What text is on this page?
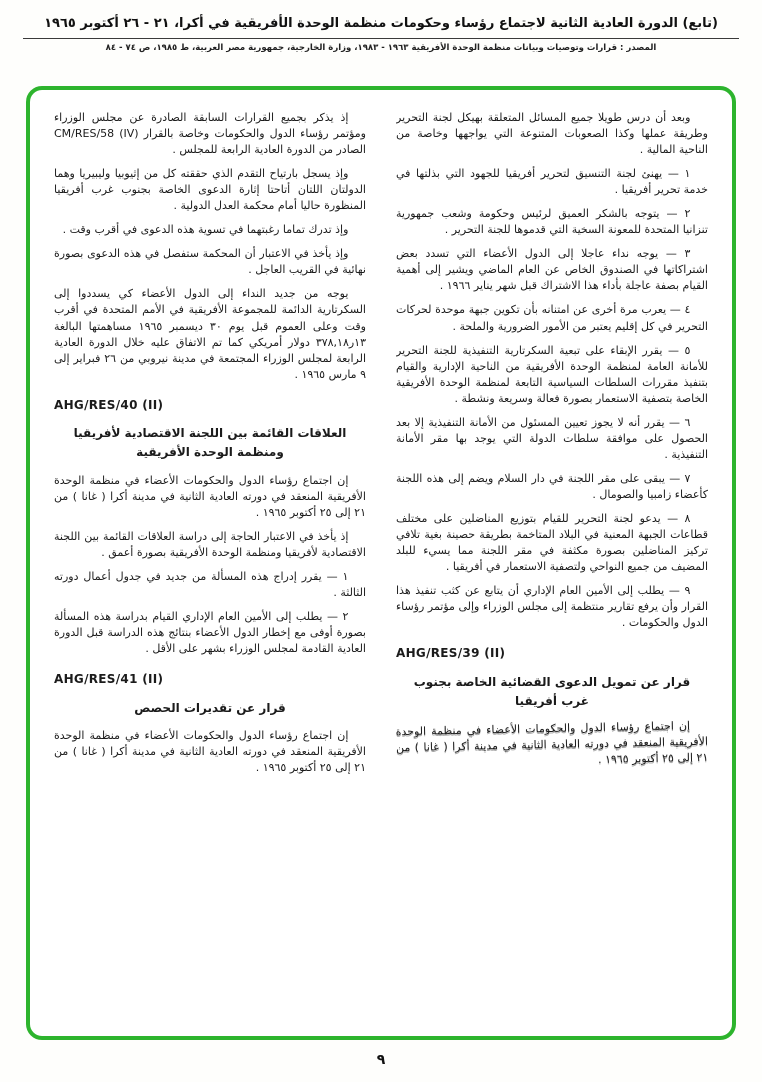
(تابع) الدورة العادية الثانية لاجتماع رؤساء وحكومات منظمة الوحدة الأفريقية في أكرا، ٢١ - ٢٦ أكتوبر ١٩٦٥
المصدر : قرارات وتوصيات وبيانات منظمة الوحدة الأفريقية ١٩٦٣ - ١٩٨٣، وزارة الخارجية، جمهورية مصر العربية، ط ١٩٨٥، ص ٧٤ - ٨٤
وبعد أن درس طويلا جميع المسائل المتعلقة بهيكل لجنة التحرير وطريقة عملها وكذا الصعوبات المتنوعة التي يواجهها وخاصة من الناحية المالية .
١ — يهنئ لجنة التنسيق لتحرير أفريقيا للجهود التي بذلتها في خدمة تحرير أفريقيا .
٢ — يتوجه بالشكر العميق لرئيس وحكومة وشعب جمهورية تنزانيا المتحدة للمعونة السخية التي قدموها للجنة التحرير .
٣ — يوجه نداء عاجلا إلى الدول الأعضاء التي تسدد بعض اشتراكاتها في الصندوق الخاص عن العام الماضي ويشير إلى أهمية القيام بصفة عاجلة بأداء هذا الاشتراك قبل شهر يناير ١٩٦٦ .
٤ — يعرب مرة أخرى عن امتنانه بأن تكوين جبهة موحدة لحركات التحرير في كل إقليم يعتبر من الأمور الضرورية والملحة .
٥ — يقرر الإبقاء على تبعية السكرتارية التنفيذية للجنة التحرير للأمانة العامة لمنظمة الوحدة الأفريقية من الناحية الإدارية والقيام بتنفيذ مقررات السلطات السياسية التابعة لمنظمة الوحدة الأفريقية الخاصة بتصفية الاستعمار بصورة فعالة وسريعة ونشطة .
٦ — يقرر أنه لا يجوز تعيين المسئول من الأمانة التنفيذية إلا بعد الحصول على موافقة سلطات الدولة التي يوجد بها مقر الأمانة التنفيذية .
٧ — يبقى على مقر اللجنة في دار السلام ويضم إلى هذه اللجنة كأعضاء زامبيا والصومال .
٨ — يدعو لجنة التحرير للقيام بتوزيع المناضلين على مختلف قطاعات الجبهة المعنية في البلاد المتاخمة بطريقة حصينة بغية تلافي تركيز المناضلين بصورة مكثفة في مقر اللجنة مما يسيء للبلد المضيف من جميع النواحي ولتصفية الاستعمار في أفريقيا .
٩ — يطلب إلى الأمين العام الإداري أن يتابع عن كثب تنفيذ هذا القرار وأن يرفع تقارير منتظمة إلى مجلس الوزراء وإلى مؤتمر رؤساء الدول والحكومات .
AHG/RES/39 (II)
قرار عن تمويل الدعوى القضائية الخاصة بجنوب غرب أفريقيا
إن اجتماع رؤساء الدول والحكومات الأعضاء في منظمة الوحدة الأفريقية المنعقد في دورته العادية الثانية في مدينة أكرا ( غانا ) من ٢١ إلى ٢٥ أكتوبر ١٩٦٥ .
إذ يذكر بجميع القرارات السابقة الصادرة عن مجلس الوزراء ومؤتمر رؤساء الدول والحكومات وخاصة بالقرار CM/RES/58 (IV) الصادر من الدورة العادية الرابعة للمجلس .
وإذ يسجل بارتياح التقدم الذي حققته كل من إثيوبيا وليبيريا وهما الدولتان اللتان أتاحتا إثارة الدعوى الخاصة بجنوب غرب أفريقيا المنظورة حاليا أمام محكمة العدل الدولية .
وإذ تدرك تماما رغبتهما في تسوية هذه الدعوى في أقرب وقت .
وإذ يأخذ في الاعتبار أن المحكمة ستفصل في هذه الدعوى بصورة نهائية في القريب العاجل .
يوجه من جديد النداء إلى الدول الأعضاء كي يسددوا إلى السكرتارية الدائمة للمجموعة الأفريقية في الأمم المتحدة في أقرب وقت وعلى العموم قبل يوم ٣٠ ديسمبر ١٩٦٥ مساهمتها البالغة ١٣ر٣٧٨,١٨ دولار أمريكي كما تم الاتفاق عليه خلال الدورة العادية الرابعة لمجلس الوزراء المجتمعة في مدينة نيروبي من ٢٦ فبراير إلى ٩ مارس ١٩٦٥ .
AHG/RES/40 (II)
العلاقات القائمة بين اللجنة الاقتصادية لأفريقيا ومنظمة الوحدة الأفريقية
إن اجتماع رؤساء الدول والحكومات الأعضاء في منظمة الوحدة الأفريقية المنعقد في دورته العادية الثانية في مدينة أكرا ( غانا ) من ٢١ إلى ٢٥ أكتوبر ١٩٦٥ .
إذ يأخذ في الاعتبار الحاجة إلى دراسة العلاقات القائمة بين اللجنة الاقتصادية لأفريقيا ومنظمة الوحدة الأفريقية بصورة أعمق .
١ — يقرر إدراج هذه المسألة من جديد في جدول أعمال دورته الثالثة .
٢ — يطلب إلى الأمين العام الإداري القيام بدراسة هذه المسألة بصورة أوفى مع إخطار الدول الأعضاء بنتائج هذه الدراسة قبل الدورة العادية القادمة لمجلس الوزراء بشهر على الأقل .
AHG/RES/41 (II)
قرار عن تقديرات الحصص
إن اجتماع رؤساء الدول والحكومات الأعضاء في منظمة الوحدة الأفريقية المنعقد في دورته العادية الثانية في مدينة أكرا ( غانا ) من ٢١ إلى ٢٥ أكتوبر ١٩٦٥ .
٩
